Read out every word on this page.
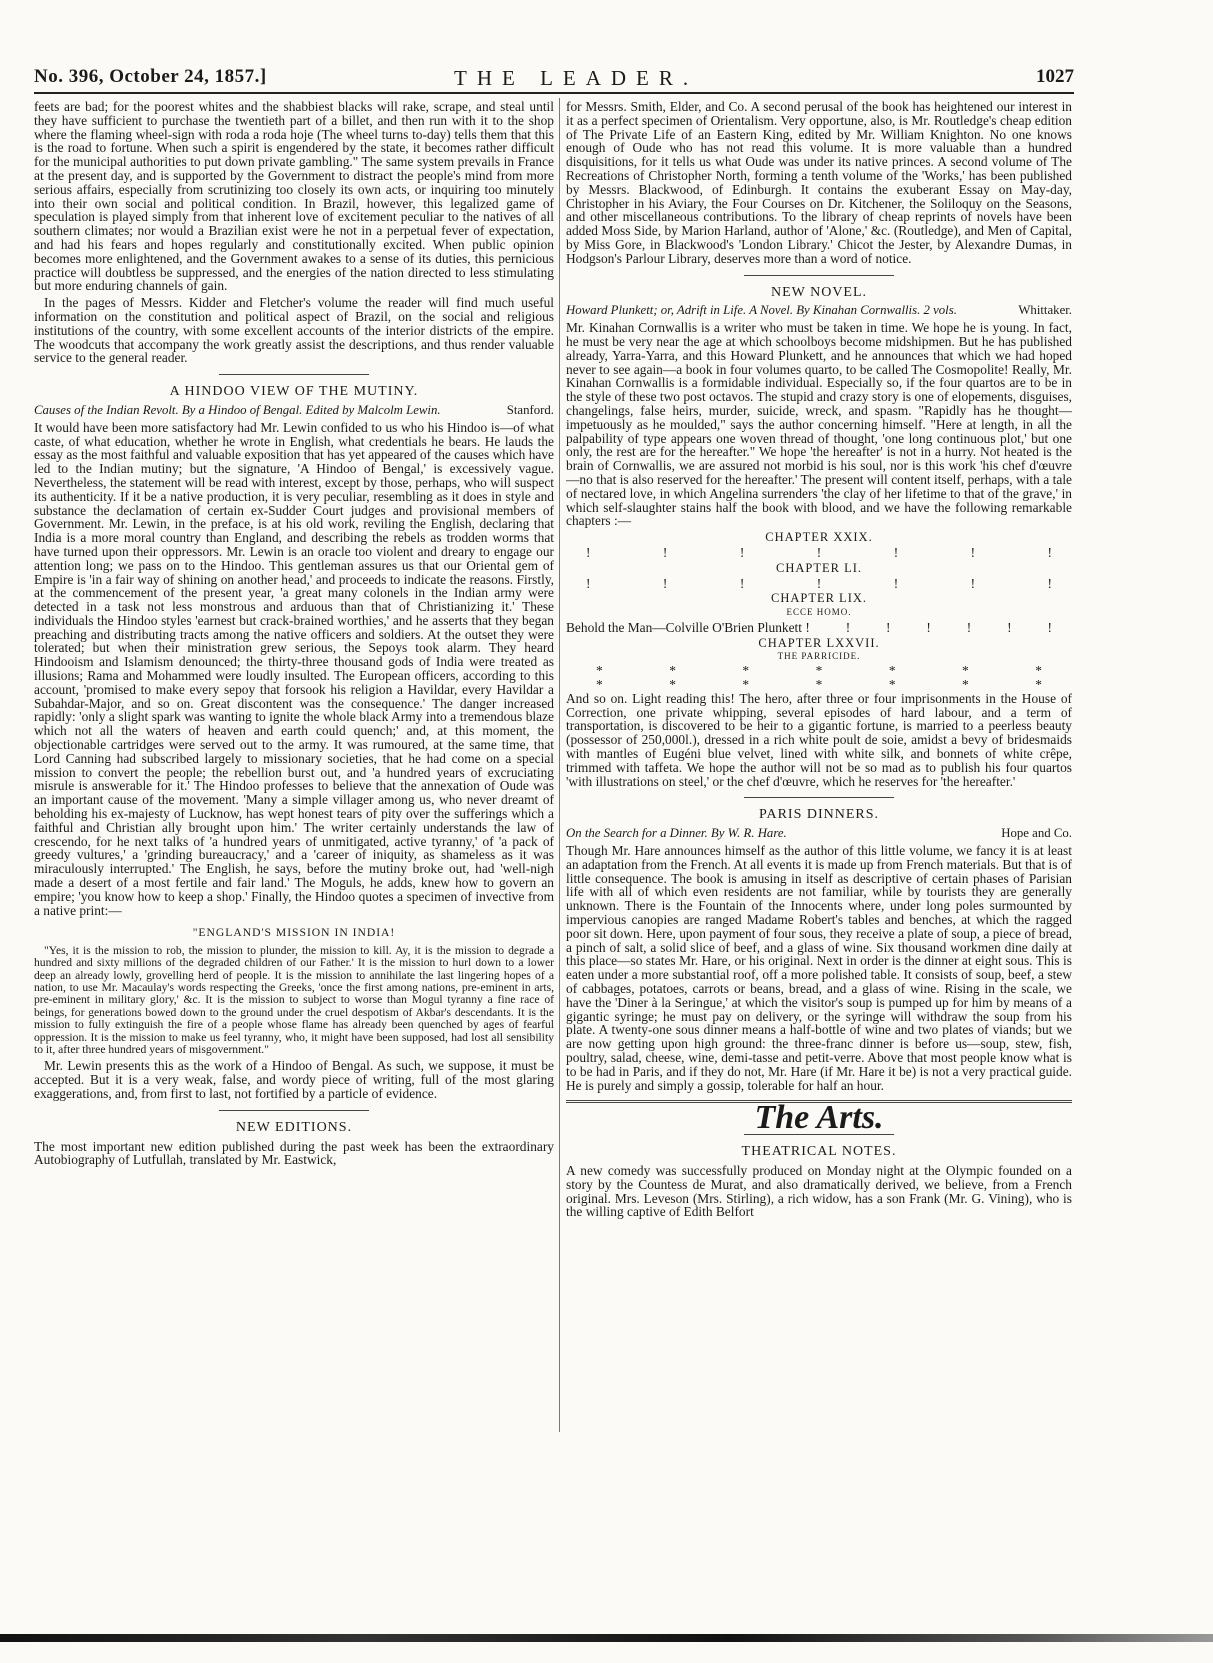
No. 396, October 24, 1857.]	THE LEADER.	1027

feets are bad; for the poorest whites and the shabbiest blacks will rake, scrape, and steal until they have sufficient to purchase the twentieth part of a billet, and then run with it to the shop where the flaming wheel-sign with roda a roda hoje (The wheel turns to-day) tells them that this is the road to fortune. When such a spirit is engendered by the state, it becomes rather difficult for the municipal authorities to put down private gambling." The same system prevails in France at the present day, and is supported by the Government to distract the people's mind from more serious affairs, especially from scrutinizing too closely its own acts, or inquiring too minutely into their own social and political condition. In Brazil, however, this legalized game of speculation is played simply from that inherent love of excitement peculiar to the natives of all southern climates; nor would a Brazilian exist were he not in a perpetual fever of expectation, and had his fears and hopes regularly and constitutionally excited. When public opinion becomes more enlightened, and the Government awakes to a sense of its duties, this pernicious practice will doubtless be suppressed, and the energies of the nation directed to less stimulating but more enduring channels of gain.

In the pages of Messrs. Kidder and Fletcher's volume the reader will find much useful information on the constitution and political aspect of Brazil, on the social and religious institutions of the country, with some excellent accounts of the interior districts of the empire. The woodcuts that accompany the work greatly assist the descriptions, and thus render valuable service to the general reader.

A HINDOO VIEW OF THE MUTINY.
Causes of the Indian Revolt. By a Hindoo of Bengal. Edited by Malcolm Lewin.	Stanford.

It would have been more satisfactory had Mr. Lewin confided to us who his Hindoo is—of what caste, of what education, whether he wrote in English, what credentials he bears. He lauds the essay as the most faithful and valuable exposition that has yet appeared of the causes which have led to the Indian mutiny; but the signature, 'A Hindoo of Bengal,' is excessively vague. Nevertheless, the statement will be read with interest, except by those, perhaps, who will suspect its authenticity. If it be a native production, it is very peculiar, resembling as it does in style and substance the declamation of certain ex-Sudder Court judges and provisional members of Government. Mr. Lewin, in the preface, is at his old work, reviling the English, declaring that India is a more moral country than England, and describing the rebels as trodden worms that have turned upon their oppressors. Mr. Lewin is an oracle too violent and dreary to engage our attention long; we pass on to the Hindoo. This gentleman assures us that our Oriental gem of Empire is 'in a fair way of shining on another head,' and proceeds to indicate the reasons. Firstly, at the commencement of the present year, 'a great many colonels in the Indian army were detected in a task not less monstrous and arduous than that of Christianizing it.' These individuals the Hindoo styles 'earnest but crack-brained worthies,' and he asserts that they began preaching and distributing tracts among the native officers and soldiers. At the outset they were tolerated; but when their ministration grew serious, the Sepoys took alarm. They heard Hindooism and Islamism denounced; the thirty-three thousand gods of India were treated as illusions; Rama and Mohammed were loudly insulted. The European officers, according to this account, 'promised to make every sepoy that forsook his religion a Havildar, every Havildar a Subahdar-Major, and so on. Great discontent was the consequence.' The danger increased rapidly: 'only a slight spark was wanting to ignite the whole black Army into a tremendous blaze which not all the waters of heaven and earth could quench;' and, at this moment, the objectionable cartridges were served out to the army. It was rumoured, at the same time, that Lord Canning had subscribed largely to missionary societies, that he had come on a special mission to convert the people; the rebellion burst out, and 'a hundred years of excruciating misrule is answerable for it.' The Hindoo professes to believe that the annexation of Oude was an important cause of the movement. 'Many a simple villager among us, who never dreamt of beholding his ex-majesty of Lucknow, has wept honest tears of pity over the sufferings which a faithful and Christian ally brought upon him.' The writer certainly understands the law of crescendo, for he next talks of 'a hundred years of unmitigated, active tyranny,' of 'a pack of greedy vultures,' a 'grinding bureaucracy,' and a 'career of iniquity, as shameless as it was miraculously interrupted.' The English, he says, before the mutiny broke out, had 'well-nigh made a desert of a most fertile and fair land.' The Moguls, he adds, knew how to govern an empire; 'you know how to keep a shop.' Finally, the Hindoo quotes a specimen of invective from a native print:—

"ENGLAND'S MISSION IN INDIA!

"Yes, it is the mission to rob, the mission to plunder, the mission to kill. Ay, it is the mission to degrade a hundred and sixty millions of the degraded children of our Father.' It is the mission to hurl down to a lower deep an already lowly, grovelling herd of people. It is the mission to annihilate the last lingering hopes of a nation, to use Mr. Macaulay's words respecting the Greeks, 'once the first among nations, pre-eminent in arts, pre-eminent in military glory,' &c. It is the mission to subject to worse than Mogul tyranny a fine race of beings, for generations bowed down to the ground under the cruel despotism of Akbar's descendants. It is the mission to fully extinguish the fire of a people whose flame has already been quenched by ages of fearful oppression. It is the mission to make us feel tyranny, who, it might have been supposed, had lost all sensibility to it, after three hundred years of misgovernment."

Mr. Lewin presents this as the work of a Hindoo of Bengal. As such, we suppose, it must be accepted. But it is a very weak, false, and wordy piece of writing, full of the most glaring exaggerations, and, from first to last, not fortified by a particle of evidence.

NEW EDITIONS.

The most important new edition published during the past week has been the extraordinary Autobiography of Lutfullah, translated by Mr. Eastwick,

for Messrs. Smith, Elder, and Co. A second perusal of the book has heightened our interest in it as a perfect specimen of Orientalism. Very opportune, also, is Mr. Routledge's cheap edition of The Private Life of an Eastern King, edited by Mr. William Knighton. No one knows enough of Oude who has not read this volume. It is more valuable than a hundred disquisitions, for it tells us what Oude was under its native princes. A second volume of The Recreations of Christopher North, forming a tenth volume of the 'Works,' has been published by Messrs. Blackwood, of Edinburgh. It contains the exuberant Essay on May-day, Christopher in his Aviary, the Four Courses on Dr. Kitchener, the Soliloquy on the Seasons, and other miscellaneous contributions. To the library of cheap reprints of novels have been added Moss Side, by Marion Harland, author of 'Alone,' &c. (Routledge), and Men of Capital, by Miss Gore, in Blackwood's 'London Library.' Chicot the Jester, by Alexandre Dumas, in Hodgson's Parlour Library, deserves more than a word of notice.

NEW NOVEL.
Howard Plunkett; or, Adrift in Life. A Novel. By Kinahan Cornwallis. 2 vols.	Whittaker.

Mr. Kinahan Cornwallis is a writer who must be taken in time. We hope he is young. In fact, he must be very near the age at which schoolboys become midshipmen. But he has published already, Yarra-Yarra, and this Howard Plunkett, and he announces that which we had hoped never to see again—a book in four volumes quarto, to be called The Cosmopolite! Really, Mr. Kinahan Cornwallis is a formidable individual. Especially so, if the four quartos are to be in the style of these two post octavos. The stupid and crazy story is one of elopements, disguises, changelings, false heirs, murder, suicide, wreck, and spasm. "Rapidly has he thought—impetuously as he moulded," says the author concerning himself. "Here at length, in all the palpability of type appears one woven thread of thought, 'one long continuous plot,' but one only, the rest are for the hereafter." We hope 'the hereafter' is not in a hurry. Not heated is the brain of Cornwallis, we are assured not morbid is his soul, nor is this work 'his chef d'œuvre—no that is also reserved for the hereafter.' The present will content itself, perhaps, with a tale of nectared love, in which Angelina surrenders 'the clay of her lifetime to that of the grave,' in which self-slaughter stains half the book with blood, and we have the following remarkable chapters :—

CHAPTER XXIX.
!	!	!	!	!	!	!
CHAPTER LI.
!	!	!	!	!	!	!
CHAPTER LIX.
ECCE HOMO.
Behold the Man—Colville O'Brien Plunkett !	!	!	!	!	!	!
CHAPTER LXXVII.
THE PARRICIDE.
*	*	*	*	*	*	*
*	*	*	*	*	*	*

And so on. Light reading this! The hero, after three or four imprisonments in the House of Correction, one private whipping, several episodes of hard labour, and a term of transportation, is discovered to be heir to a gigantic fortune, is married to a peerless beauty (possessor of 250,000l.), dressed in a rich white poult de soie, amidst a bevy of bridesmaids with mantles of Eugéni blue velvet, lined with white silk, and bonnets of white crêpe, trimmed with taffeta. We hope the author will not be so mad as to publish his four quartos 'with illustrations on steel,' or the chef d'œuvre, which he reserves for 'the hereafter.'

PARIS DINNERS.
On the Search for a Dinner. By W. R. Hare.	Hope and Co.

Though Mr. Hare announces himself as the author of this little volume, we fancy it is at least an adaptation from the French. At all events it is made up from French materials. But that is of little consequence. The book is amusing in itself as descriptive of certain phases of Parisian life with all of which even residents are not familiar, while by tourists they are generally unknown. There is the Fountain of the Innocents where, under long poles surmounted by impervious canopies are ranged Madame Robert's tables and benches, at which the ragged poor sit down. Here, upon payment of four sous, they receive a plate of soup, a piece of bread, a pinch of salt, a solid slice of beef, and a glass of wine. Six thousand workmen dine daily at this place—so states Mr. Hare, or his original. Next in order is the dinner at eight sous. This is eaten under a more substantial roof, off a more polished table. It consists of soup, beef, a stew of cabbages, potatoes, carrots or beans, bread, and a glass of wine. Rising in the scale, we have the 'Diner à la Seringue,' at which the visitor's soup is pumped up for him by means of a gigantic syringe; he must pay on delivery, or the syringe will withdraw the soup from his plate. A twenty-one sous dinner means a half-bottle of wine and two plates of viands; but we are now getting upon high ground: the three-franc dinner is before us—soup, stew, fish, poultry, salad, cheese, wine, demi-tasse and petit-verre. Above that most people know what is to be had in Paris, and if they do not, Mr. Hare (if Mr. Hare it be) is not a very practical guide. He is purely and simply a gossip, tolerable for half an hour.

The Arts.
THEATRICAL NOTES.

A new comedy was successfully produced on Monday night at the Olympic founded on a story by the Countess de Murat, and also dramatically derived, we believe, from a French original. Mrs. Leveson (Mrs. Stirling), a rich widow, has a son Frank (Mr. G. Vining), who is the willing captive of Edith Belfort
